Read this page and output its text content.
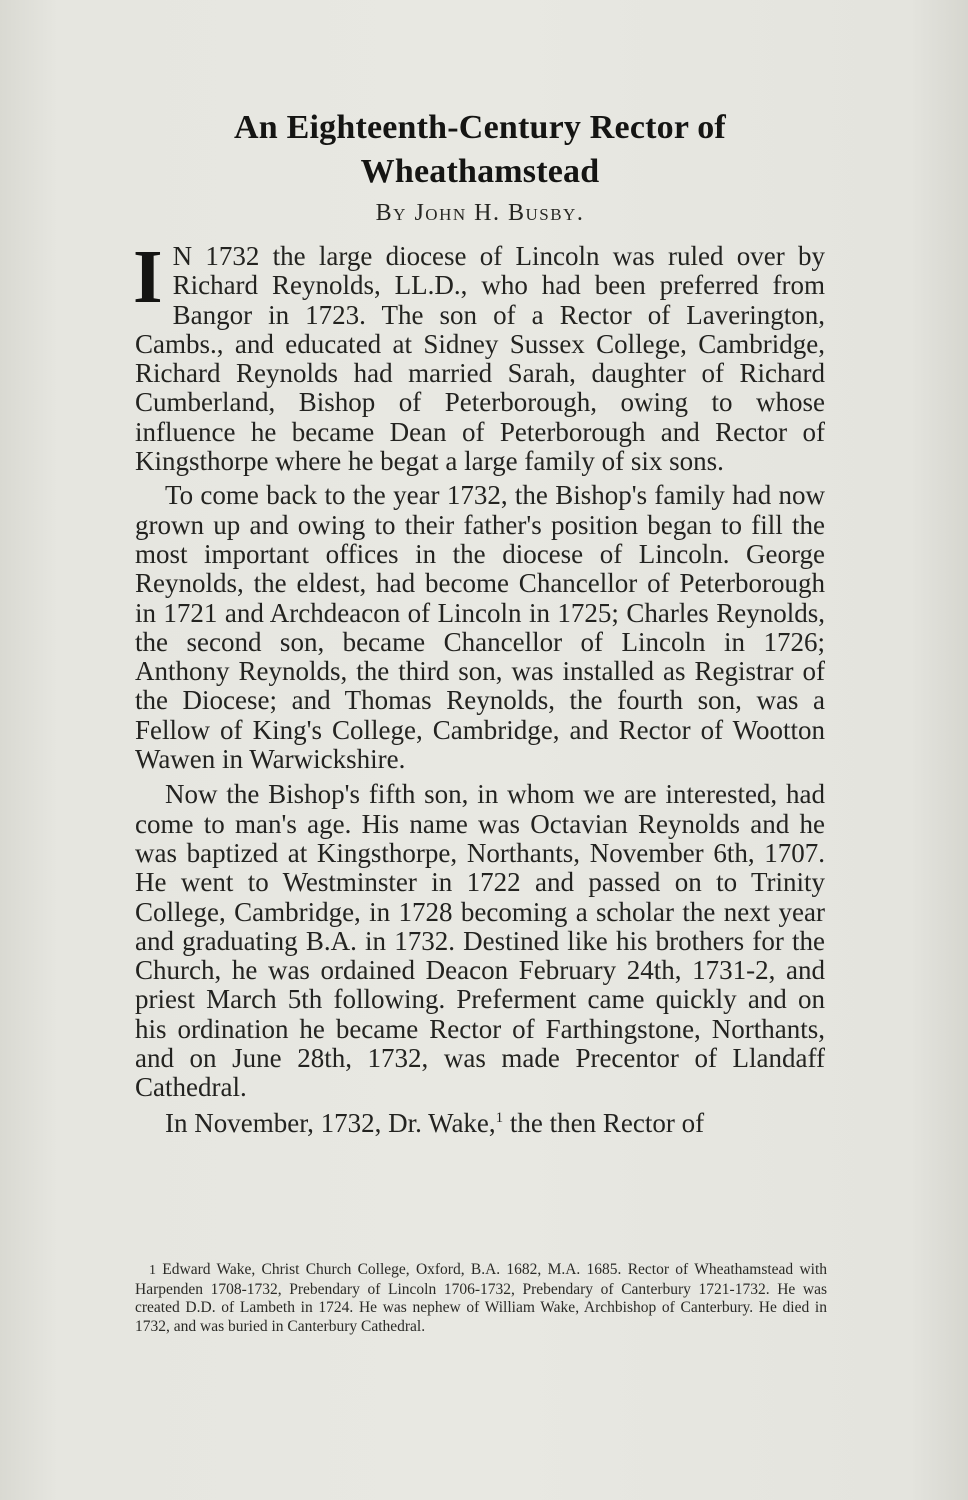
An Eighteenth-Century Rector of
Wheathamstead
By John H. Busby.

I N 1732 the large diocese of Lincoln was ruled over by Richard Reynolds, LL.D., who had been preferred from Bangor in 1723. The son of a Rector of Laverington, Cambs., and educated at Sidney Sussex College, Cambridge, Richard Reynolds had married Sarah, daughter of Richard Cumberland, Bishop of Peterborough, owing to whose influence he became Dean of Peterborough and Rector of Kingsthorpe where he begat a large family of six sons.

To come back to the year 1732, the Bishop's family had now grown up and owing to their father's position began to fill the most important offices in the diocese of Lincoln. George Reynolds, the eldest, had become Chancellor of Peterborough in 1721 and Archdeacon of Lincoln in 1725; Charles Reynolds, the second son, became Chancellor of Lincoln in 1726; Anthony Reynolds, the third son, was installed as Registrar of the Diocese; and Thomas Reynolds, the fourth son, was a Fellow of King's College, Cambridge, and Rector of Wootton Wawen in Warwickshire.

Now the Bishop's fifth son, in whom we are interested, had come to man's age. His name was Octavian Reynolds and he was baptized at Kingsthorpe, Northants, November 6th, 1707. He went to Westminster in 1722 and passed on to Trinity College, Cambridge, in 1728 becoming a scholar the next year and graduating B.A. in 1732. Destined like his brothers for the Church, he was ordained Deacon February 24th, 1731-2, and priest March 5th following. Preferment came quickly and on his ordination he became Rector of Farthingstone, Northants, and on June 28th, 1732, was made Precentor of Llandaff Cathedral.

In November, 1732, Dr. Wake,$^1$ the then Rector of

1 Edward Wake, Christ Church College, Oxford, B.A. 1682, M.A. 1685. Rector of Wheathamstead with Harpenden 1708-1732, Prebendary of Lincoln 1706-1732, Prebendary of Canterbury 1721-1732. He was created D.D. of Lambeth in 1724. He was nephew of William Wake, Archbishop of Canterbury. He died in 1732, and was buried in Canterbury Cathedral.
